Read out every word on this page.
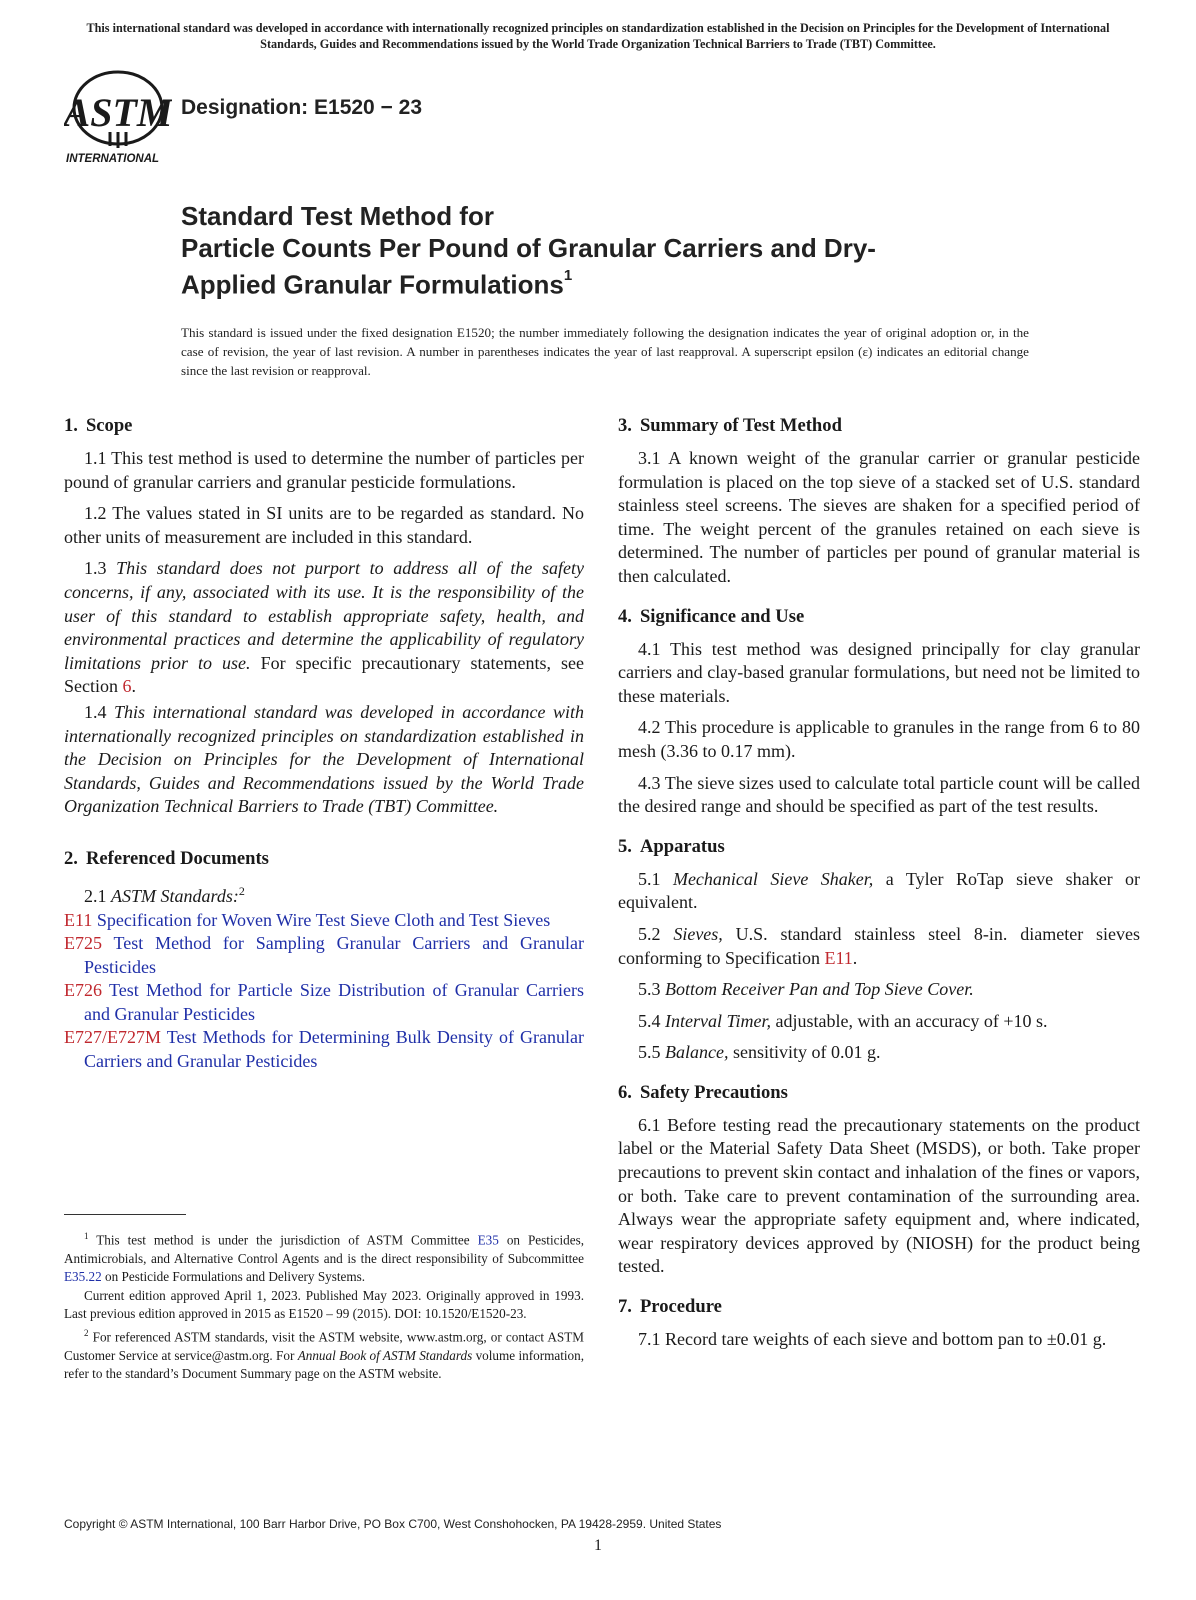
This international standard was developed in accordance with internationally recognized principles on standardization established in the Decision on Principles for the Development of International Standards, Guides and Recommendations issued by the World Trade Organization Technical Barriers to Trade (TBT) Committee.
ASTM
INTERNATIONAL
Designation: E1520 − 23
Standard Test Method for
Particle Counts Per Pound of Granular Carriers and Dry-
Applied Granular Formulations$^1$
This standard is issued under the fixed designation E1520; the number immediately following the designation indicates the year of original adoption or, in the case of revision, the year of last revision. A number in parentheses indicates the year of last reapproval. A superscript epsilon (ε) indicates an editorial change since the last revision or reapproval.
1. Scope

1.1 This test method is used to determine the number of particles per pound of granular carriers and granular pesticide formulations.

1.2 The values stated in SI units are to be regarded as standard. No other units of measurement are included in this standard.

1.3 This standard does not purport to address all of the safety concerns, if any, associated with its use. It is the responsibility of the user of this standard to establish appropriate safety, health, and environmental practices and determine the applicability of regulatory limitations prior to use. For specific precautionary statements, see Section 6.

1.4 This international standard was developed in accordance with internationally recognized principles on standardization established in the Decision on Principles for the Development of International Standards, Guides and Recommendations issued by the World Trade Organization Technical Barriers to Trade (TBT) Committee.

2. Referenced Documents

2.1 ASTM Standards:$^2$

E11 Specification for Woven Wire Test Sieve Cloth and Test Sieves

E725 Test Method for Sampling Granular Carriers and Granular Pesticides

E726 Test Method for Particle Size Distribution of Granular Carriers and Granular Pesticides

E727/E727M Test Methods for Determining Bulk Density of Granular Carriers and Granular Pesticides

$^1$ This test method is under the jurisdiction of ASTM Committee E35 on Pesticides, Antimicrobials, and Alternative Control Agents and is the direct responsibility of Subcommittee E35.22 on Pesticide Formulations and Delivery Systems.

Current edition approved April 1, 2023. Published May 2023. Originally approved in 1993. Last previous edition approved in 2015 as E1520 – 99 (2015). DOI: 10.1520/E1520-23.

$^2$ For referenced ASTM standards, visit the ASTM website, www.astm.org, or contact ASTM Customer Service at service@astm.org. For Annual Book of ASTM Standards volume information, refer to the standard’s Document Summary page on the ASTM website.

3. Summary of Test Method

3.1 A known weight of the granular carrier or granular pesticide formulation is placed on the top sieve of a stacked set of U.S. standard stainless steel screens. The sieves are shaken for a specified period of time. The weight percent of the granules retained on each sieve is determined. The number of particles per pound of granular material is then calculated.

4. Significance and Use

4.1 This test method was designed principally for clay granular carriers and clay-based granular formulations, but need not be limited to these materials.

4.2 This procedure is applicable to granules in the range from 6 to 80 mesh (3.36 to 0.17 mm).

4.3 The sieve sizes used to calculate total particle count will be called the desired range and should be specified as part of the test results.

5. Apparatus

5.1 Mechanical Sieve Shaker, a Tyler RoTap sieve shaker or equivalent.

5.2 Sieves, U.S. standard stainless steel 8-in. diameter sieves conforming to Specification E11.

5.3 Bottom Receiver Pan and Top Sieve Cover.

5.4 Interval Timer, adjustable, with an accuracy of +10 s.

5.5 Balance, sensitivity of 0.01 g.

6. Safety Precautions

6.1 Before testing read the precautionary statements on the product label or the Material Safety Data Sheet (MSDS), or both. Take proper precautions to prevent skin contact and inhalation of the fines or vapors, or both. Take care to prevent contamination of the surrounding area. Always wear the appropriate safety equipment and, where indicated, wear respiratory devices approved by (NIOSH) for the product being tested.

7. Procedure

7.1 Record tare weights of each sieve and bottom pan to ±0.01 g.

Copyright © ASTM International, 100 Barr Harbor Drive, PO Box C700, West Conshohocken, PA 19428-2959. United States
1
